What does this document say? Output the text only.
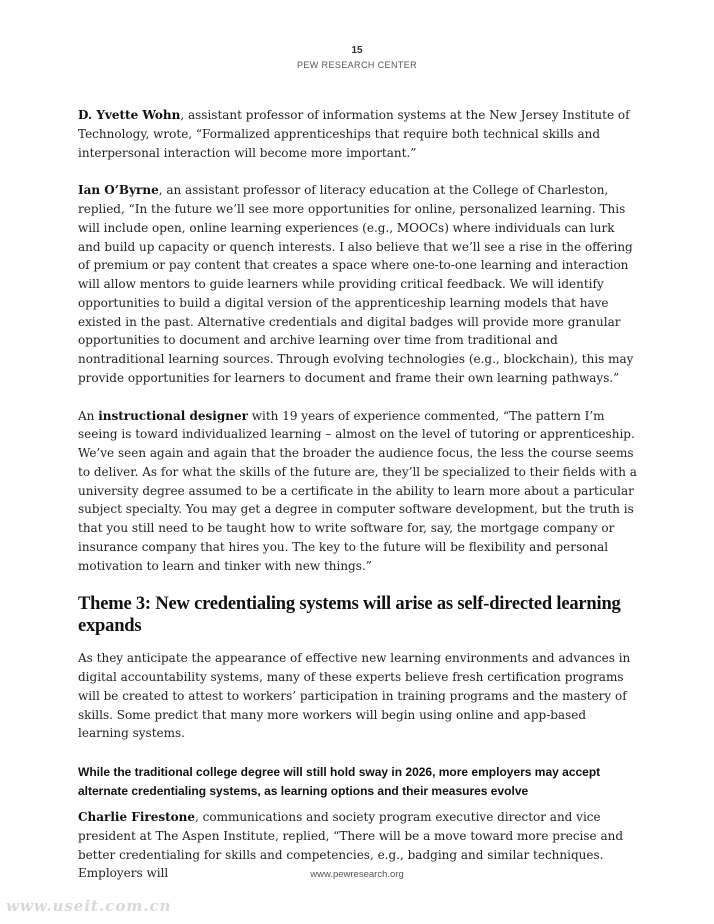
15
PEW RESEARCH CENTER

D. Yvette Wohn, assistant professor of information systems at the New Jersey Institute of Technology, wrote, “Formalized apprenticeships that require both technical skills and interpersonal interaction will become more important.”

Ian O’Byrne, an assistant professor of literacy education at the College of Charleston, replied, “In the future we’ll see more opportunities for online, personalized learning. This will include open, online learning experiences (e.g., MOOCs) where individuals can lurk and build up capacity or quench interests. I also believe that we’ll see a rise in the offering of premium or pay content that creates a space where one-to-one learning and interaction will allow mentors to guide learners while providing critical feedback. We will identify opportunities to build a digital version of the apprenticeship learning models that have existed in the past. Alternative credentials and digital badges will provide more granular opportunities to document and archive learning over time from traditional and nontraditional learning sources. Through evolving technologies (e.g., blockchain), this may provide opportunities for learners to document and frame their own learning pathways.”

An instructional designer with 19 years of experience commented, “The pattern I’m seeing is toward individualized learning – almost on the level of tutoring or apprenticeship. We’ve seen again and again that the broader the audience focus, the less the course seems to deliver. As for what the skills of the future are, they’ll be specialized to their fields with a university degree assumed to be a certificate in the ability to learn more about a particular subject specialty. You may get a degree in computer software development, but the truth is that you still need to be taught how to write software for, say, the mortgage company or insurance company that hires you. The key to the future will be flexibility and personal motivation to learn and tinker with new things.”

Theme 3: New credentialing systems will arise as self-directed learning expands

As they anticipate the appearance of effective new learning environments and advances in digital accountability systems, many of these experts believe fresh certification programs will be created to attest to workers’ participation in training programs and the mastery of skills. Some predict that many more workers will begin using online and app-based learning systems.

While the traditional college degree will still hold sway in 2026, more employers may accept alternate credentialing systems, as learning options and their measures evolve

Charlie Firestone, communications and society program executive director and vice president at The Aspen Institute, replied, “There will be a move toward more precise and better credentialing for skills and competencies, e.g., badging and similar techniques. Employers will	www.pewresearch.org
www.useit.com.cn
